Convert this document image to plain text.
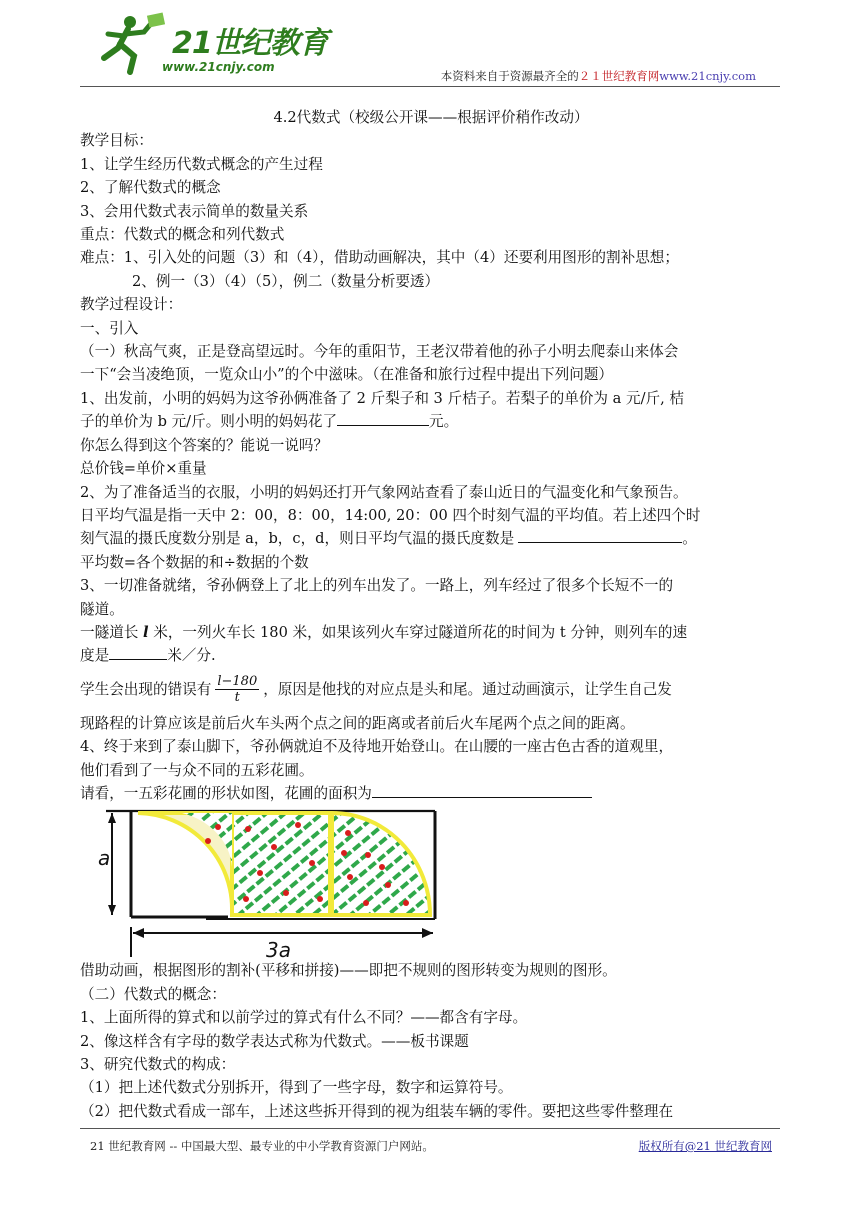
21世纪教育
www.21cnjy.com
本资料来自于资源最齐全的２１世纪教育网www.21cnjy.com

4.2代数式（校级公开课——根据评价稍作改动）

教学目标：

1、让学生经历代数式概念的产生过程

2、了解代数式的概念

3、会用代数式表示简单的数量关系

重点：代数式的概念和列代数式

难点：1、引入处的问题（3）和（4），借助动画解决，其中（4）还要利用图形的割补思想；

2、例一（3）（4）（5），例二（数量分析要透）

教学过程设计：

一、引入

（一）秋高气爽，正是登高望远时。今年的重阳节，王老汉带着他的孙子小明去爬泰山来体会

一下“会当凌绝顶，一览众山小”的个中滋味。（在准备和旅行过程中提出下列问题）

1、出发前，小明的妈妈为这爷孙俩准备了 2 斤梨子和 3 斤桔子。若梨子的单价为 a 元/斤, 桔

子的单价为 b 元/斤。则小明的妈妈花了	元。

你怎么得到这个答案的？能说一说吗？

总价钱=单价×重量

2、为了准备适当的衣服，小明的妈妈还打开气象网站查看了泰山近日的气温变化和气象预告。

日平均气温是指一天中 2：00，8：00，14:00, 20：00 四个时刻气温的平均值。若上述四个时

刻气温的摄氏度数分别是 a，b，c，d，则日平均气温的摄氏度数是	。

平均数=各个数据的和÷数据的个数

3、一切准备就绪，爷孙俩登上了北上的列车出发了。一路上，列车经过了很多个长短不一的

隧道。

一隧道长 l 米，一列火车长 180 米，如果该列火车穿过隧道所花的时间为 t 分钟，则列车的速

度是	米／分.

学生会出现的错误有 $\frac{l-180}{t}$ ，原因是他找的对应点是头和尾。通过动画演示，让学生自己发

现路程的计算应该是前后火车头两个点之间的距离或者前后火车尾两个点之间的距离。

4、终于来到了泰山脚下，爷孙俩就迫不及待地开始登山。在山腰的一座古色古香的道观里，

他们看到了一与众不同的五彩花圃。

请看，一五彩花圃的形状如图，花圃的面积为

a
3a

借助动画，根据图形的割补(平移和拼接)——即把不规则的图形转变为规则的图形。

（二）代数式的概念：

1、上面所得的算式和以前学过的算式有什么不同？——都含有字母。

2、像这样含有字母的数学表达式称为代数式。——板书课题

3、研究代数式的构成：

（1）把上述代数式分别拆开，得到了一些字母，数字和运算符号。

（2）把代数式看成一部车，上述这些拆开得到的视为组装车辆的零件。要把这些零件整理在

21 世纪教育网 -- 中国最大型、最专业的中小学教育资源门户网站。	版权所有@21 世纪教育网
